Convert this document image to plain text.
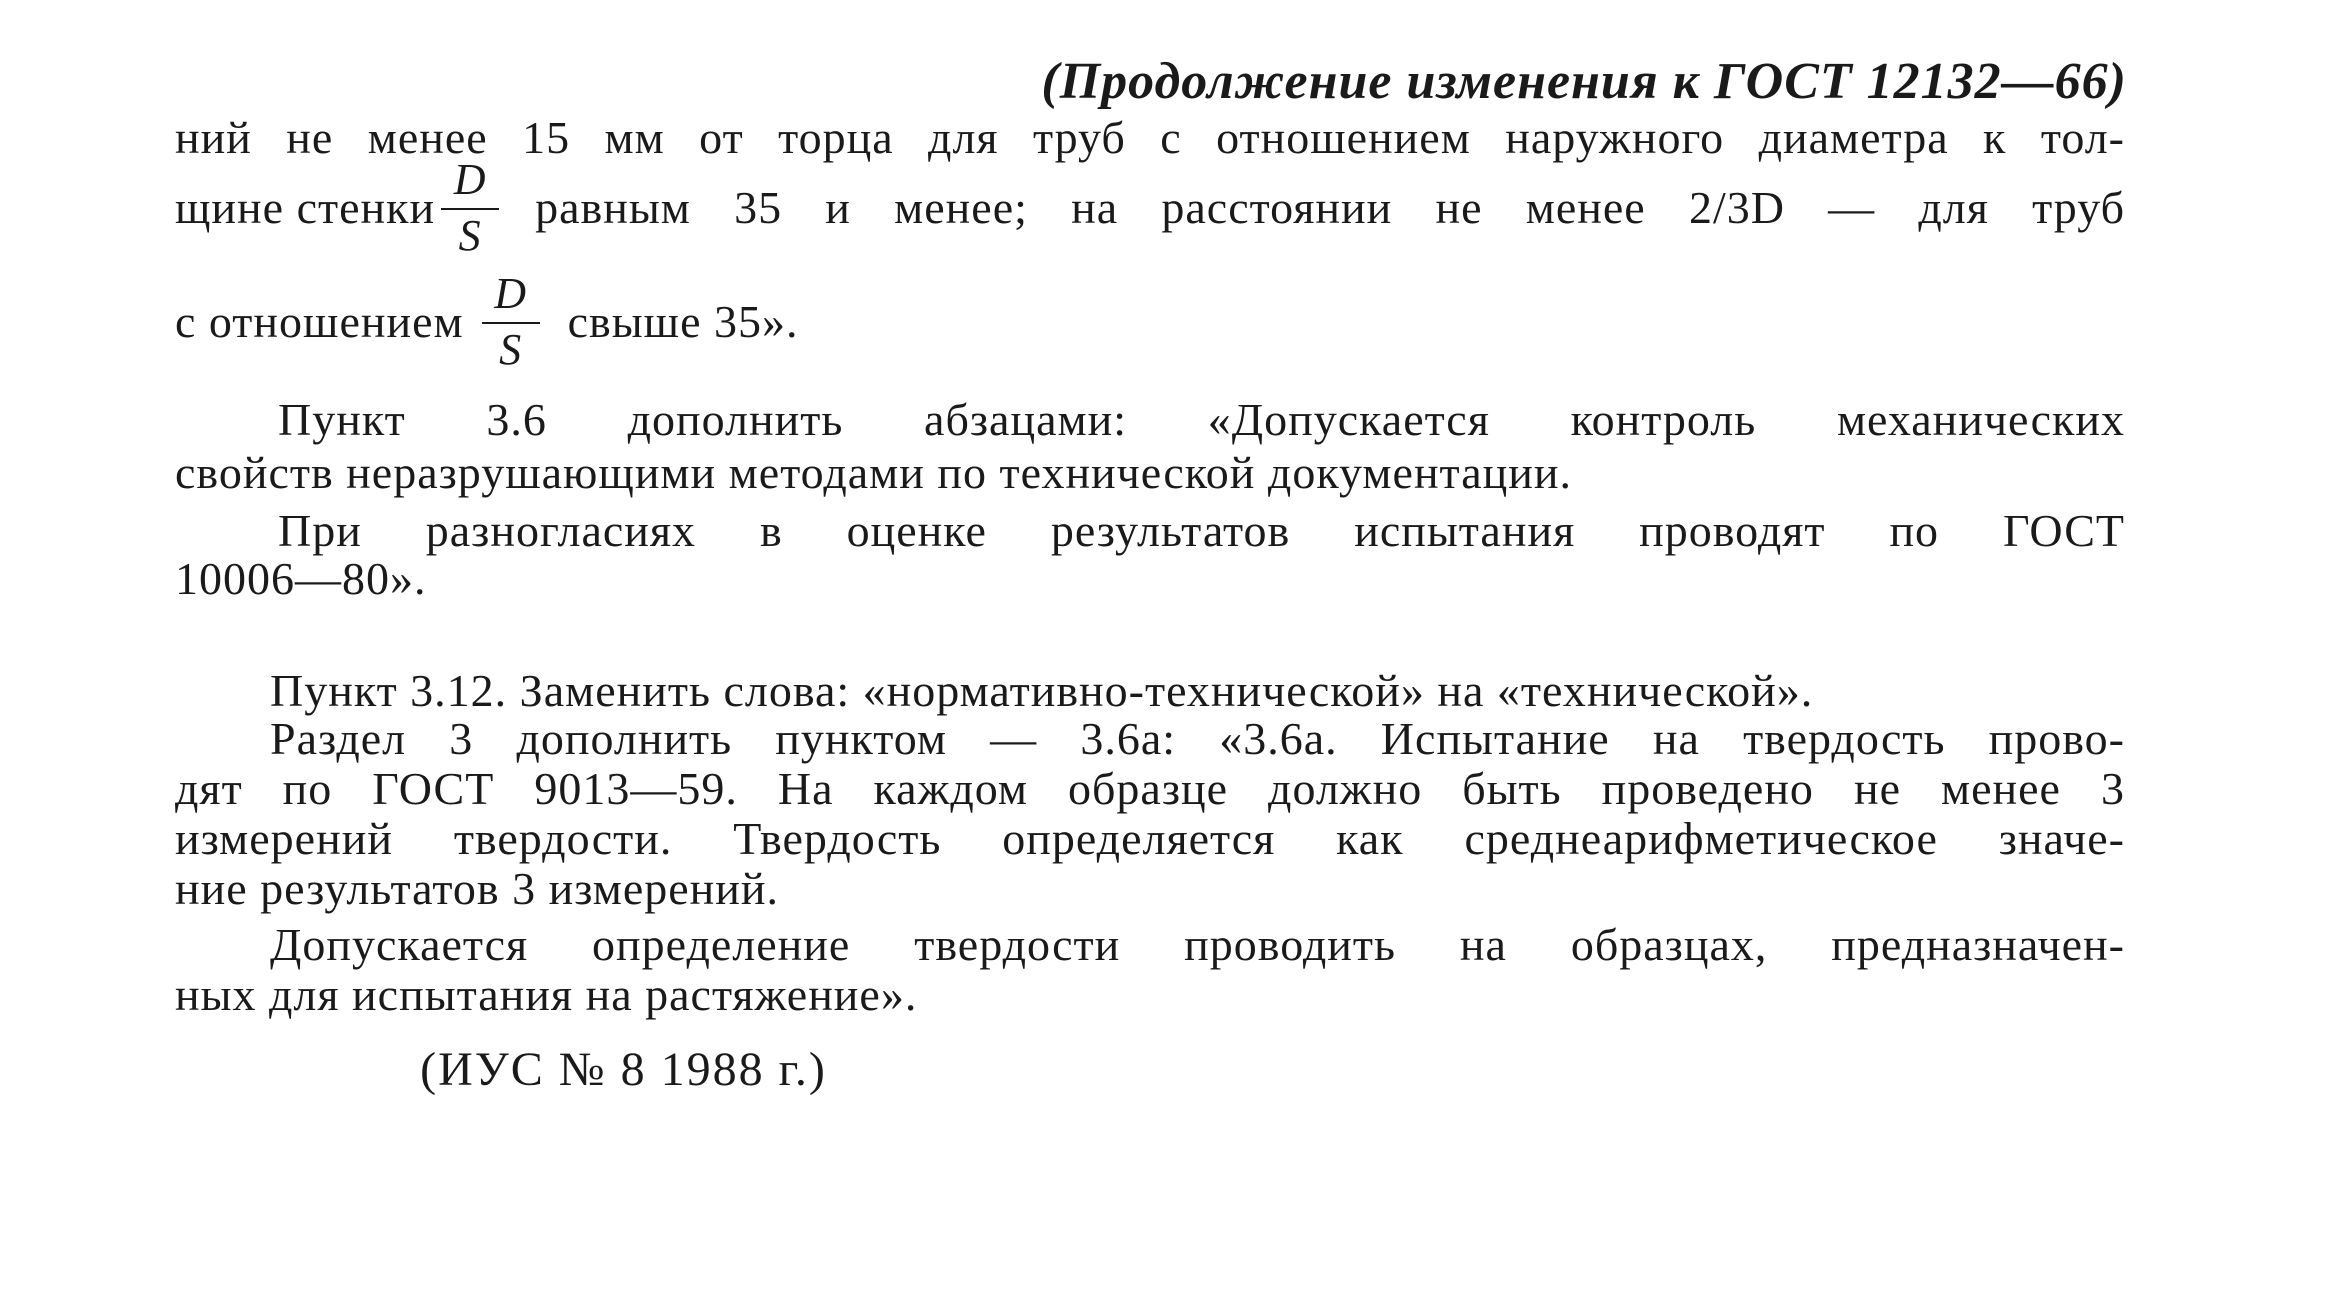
(Продолжение изменения к ГОСТ 12132—66)
ний не менее 15 мм от торца для труб с отношением наружного диаметра к тол-
щине стенки $\frac{D}{S}$ равным 35 и менее; на расстоянии не менее 2/3D — для труб
с отношением $\frac{D}{S}$ свыше 35».
Пункт 3.6 дополнить абзацами: «Допускается контроль механических
свойств неразрушающими методами по технической документации.
При разногласиях в оценке результатов испытания проводят по ГОСТ
10006—80».
Пункт 3.12. Заменить слова: «нормативно-технической» на «технической».
Раздел 3 дополнить пунктом — 3.6а: «3.6а. Испытание на твердость прово-
дят по ГОСТ 9013—59. На каждом образце должно быть проведено не менее 3
измерений твердости. Твердость определяется как среднеарифметическое значе-
ние результатов 3 измерений.
Допускается определение твердости проводить на образцах, предназначен-
ных для испытания на растяжение».
(ИУС № 8 1988 г.)
